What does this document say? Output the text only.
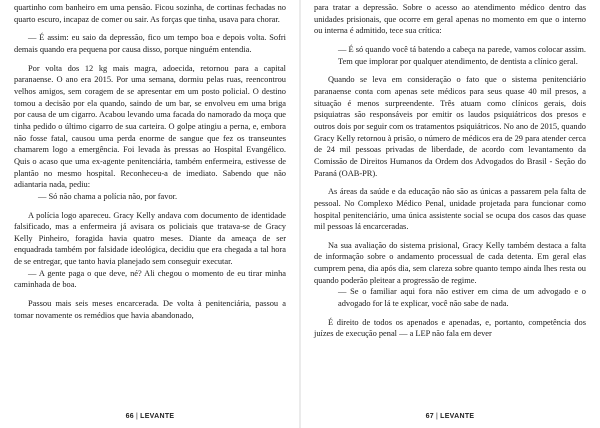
quartinho com banheiro em uma pensão. Ficou sozinha, de cortinas fechadas no quarto escuro, incapaz de comer ou sair. As forças que tinha, usava para chorar.

— É assim: eu saio da depressão, fico um tempo boa e depois volta. Sofri demais quando era pequena por causa disso, porque ninguém entendia.

Por volta dos 12 kg mais magra, adoecida, retornou para a capital paranaense. O ano era 2015. Por uma semana, dormiu pelas ruas, reencontrou velhos amigos, sem coragem de se apresentar em um posto policial. O destino tomou a decisão por ela quando, saindo de um bar, se envolveu em uma briga por causa de um cigarro. Acabou levando uma facada do namorado da moça que tinha pedido o último cigarro de sua carteira. O golpe atingiu a perna, e, embora não fosse fatal, causou uma perda enorme de sangue que fez os transeuntes chamarem logo a emergência. Foi levada às pressas ao Hospital Evangélico. Quis o acaso que uma ex-agente penitenciária, também enfermeira, estivesse de plantão no mesmo hospital. Reconheceu-a de imediato. Sabendo que não adiantaria nada, pediu:

— Só não chama a polícia não, por favor.

A polícia logo apareceu. Gracy Kelly andava com documento de identidade falsificado, mas a enfermeira já avisara os policiais que tratava-se de Gracy Kelly Pinheiro, foragida havia quatro meses. Diante da ameaça de ser enquadrada também por falsidade ideológica, decidiu que era chegada a tal hora de se entregar, que tanto havia planejado sem conseguir executar.

— A gente paga o que deve, né? Ali chegou o momento de eu tirar minha caminhada de boa.

Passou mais seis meses encarcerada. De volta à penitenciária, passou a tomar novamente os remédios que havia abandonado,

66 | LEVANTE

para tratar a depressão. Sobre o acesso ao atendimento médico dentro das unidades prisionais, que ocorre em geral apenas no momento em que o interno ou interna é admitido, tece sua crítica:

— É só quando você tá batendo a cabeça na parede, vamos colocar assim. Tem que implorar por qualquer atendimento, de dentista a clínico geral.

Quando se leva em consideração o fato que o sistema penitenciário paranaense conta com apenas sete médicos para seus quase 40 mil presos, a situação é menos surpreendente. Três atuam como clínicos gerais, dois psiquiatras são responsáveis por emitir os laudos psiquiátricos dos presos e outros dois por seguir com os tratamentos psiquiátricos. No ano de 2015, quando Gracy Kelly retornou à prisão, o número de médicos era de 29 para atender cerca de 24 mil pessoas privadas de liberdade, de acordo com levantamento da Comissão de Direitos Humanos da Ordem dos Advogados do Brasil - Seção do Paraná (OAB-PR).

As áreas da saúde e da educação não são as únicas a passarem pela falta de pessoal. No Complexo Médico Penal, unidade projetada para funcionar como hospital penitenciário, uma única assistente social se ocupa dos casos das quase mil pessoas lá encarceradas.

Na sua avaliação do sistema prisional, Gracy Kelly também destaca a falta de informação sobre o andamento processual de cada detenta. Em geral elas cumprem pena, dia após dia, sem clareza sobre quanto tempo ainda lhes resta ou quando poderão pleitear a progressão de regime.

— Se o familiar aqui fora não estiver em cima de um advogado e o advogado for lá te explicar, você não sabe de nada.

É direito de todos os apenados e apenadas, e, portanto, competência dos juízes de execução penal — a LEP não fala em dever

67 | LEVANTE
